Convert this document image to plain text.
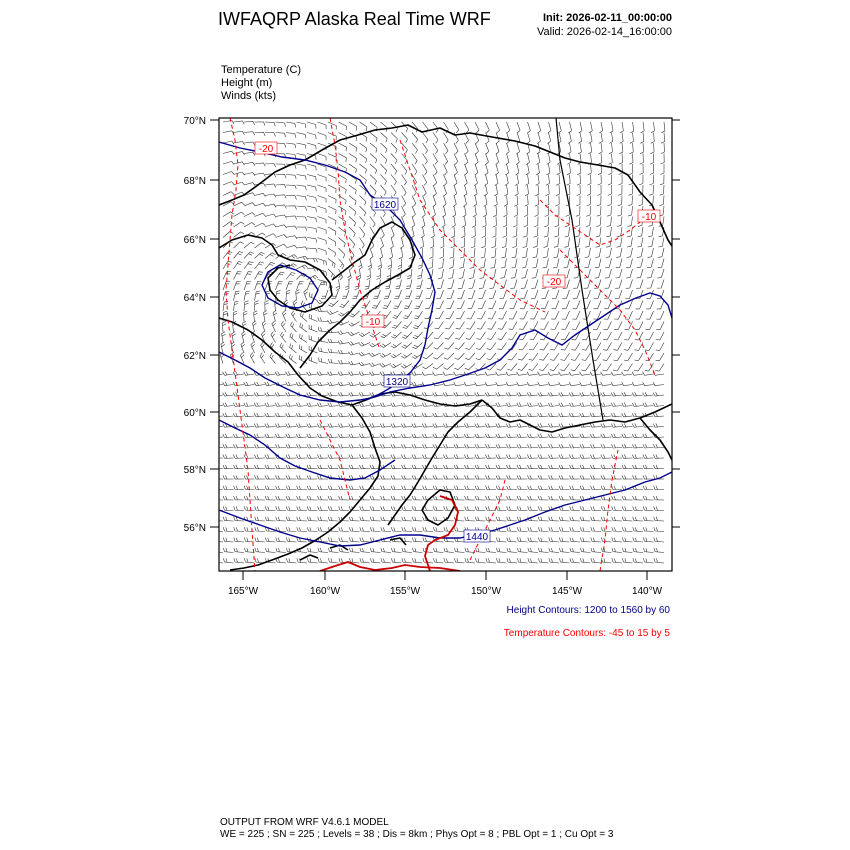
IWFAQRP Alaska Real Time WRF	Init: 2026-02-11_00:00:00
Valid: 2026-02-14_16:00:00
Temperature (C)
Height (m)
Winds (kts)
1620
1320
1440
-20
-10
-20
-10
70°N
68°N
66°N
64°N
62°N
60°N
58°N
56°N
165°W	160°W	155°W	150°W	145°W	140°W
Height Contours: 1200 to 1560 by 60
Temperature Contours: -45 to 15 by 5
OUTPUT FROM WRF V4.6.1 MODEL
WE = 225 ; SN = 225 ; Levels = 38 ; Dis = 8km ; Phys Opt = 8 ; PBL Opt = 1 ; Cu Opt = 3
